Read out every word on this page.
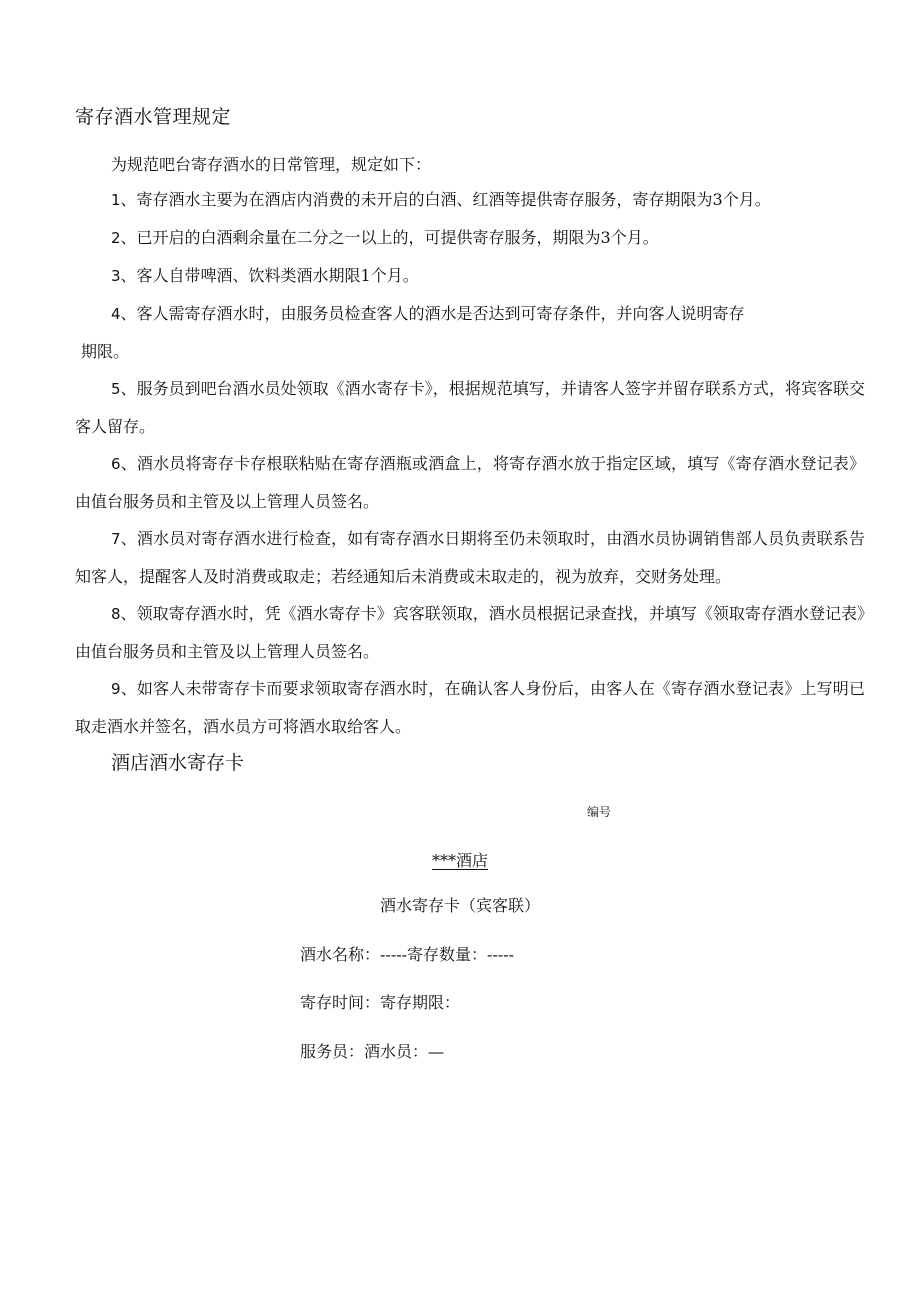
寄存酒水管理规定
为规范吧台寄存酒水的日常管理，规定如下：

1、寄存酒水主要为在酒店内消费的未开启的白酒、红酒等提供寄存服务，寄存期限为3个月。

2、已开启的白酒剩余量在二分之一以上的，可提供寄存服务，期限为3个月。

3、客人自带啤酒、饮料类酒水期限1个月。

4、客人需寄存酒水时，由服务员检查客人的酒水是否达到可寄存条件，并向客人说明寄存
期限。

5、服务员到吧台酒水员处领取《酒水寄存卡》，根据规范填写，并请客人签字并留存联系方式，将宾客联交客人留存。

6、酒水员将寄存卡存根联粘贴在寄存酒瓶或酒盒上，将寄存酒水放于指定区域，填写《寄存酒水登记表》由值台服务员和主管及以上管理人员签名。

7、酒水员对寄存酒水进行检查，如有寄存酒水日期将至仍未领取时，由酒水员协调销售部人员负责联系告知客人，提醒客人及时消费或取走；若经通知后未消费或未取走的，视为放弃，交财务处理。

8、领取寄存酒水时，凭《酒水寄存卡》宾客联领取，酒水员根据记录查找，并填写《领取寄存酒水登记表》由值台服务员和主管及以上管理人员签名。

9、如客人未带寄存卡而要求领取寄存酒水时，在确认客人身份后，由客人在《寄存酒水登记表》上写明已取走酒水并签名，酒水员方可将酒水取给客人。

酒店酒水寄存卡
编号
***酒店
酒水寄存卡（宾客联）
酒水名称：-----寄存数量：-----
寄存时间：寄存期限：
服务员：酒水员：—
